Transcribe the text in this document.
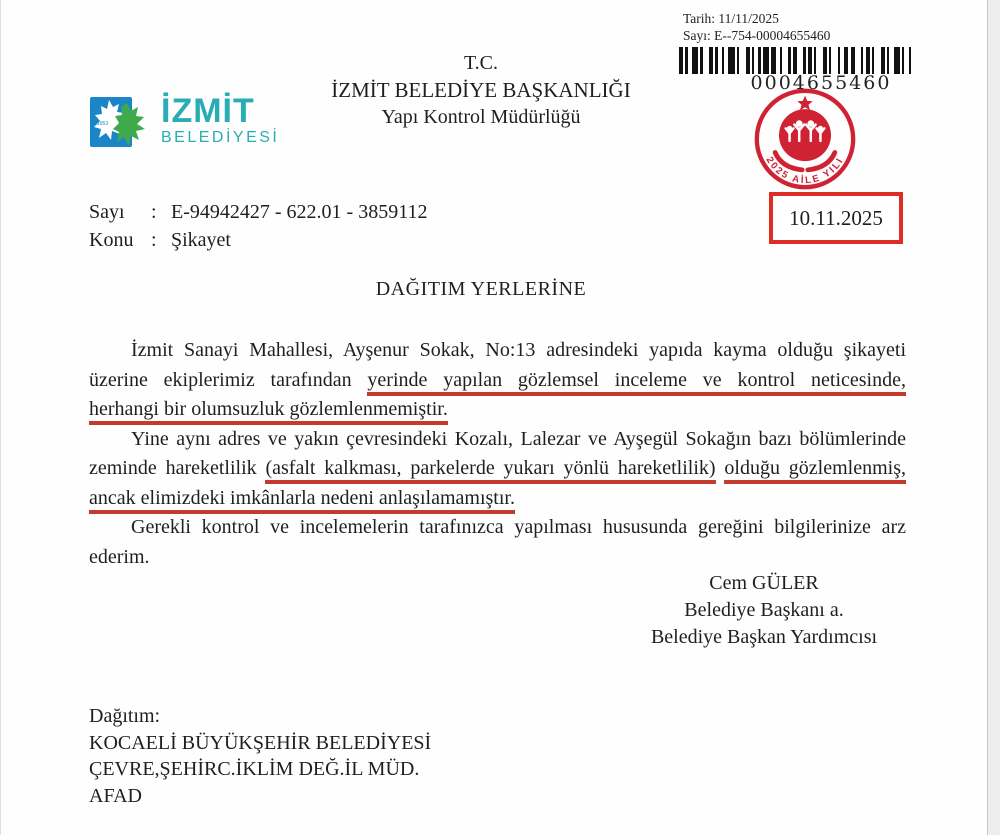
Tarih: 11/11/2025
Sayı: E--754-00004655460
0004655460
2025 AİLE YILI
1953 İZMİT
BELEDİYESİ
T.C.
İZMİT BELEDİYE BAŞKANLIĞI
Yapı Kontrol Müdürlüğü
Sayı	: E-94942427 - 622.01 - 3859112
Konu : Şikayet
10.11.2025
DAĞITIM YERLERİNE
İzmit Sanayi Mahallesi, Ayşenur Sokak, No:13 adresindeki yapıda kayma olduğu şikayeti
üzerine ekiplerimiz tarafından yerinde yapılan gözlemsel inceleme ve kontrol neticesinde,
herhangi bir olumsuzluk gözlemlenmemiştir.
Yine aynı adres ve yakın çevresindeki Kozalı, Lalezar ve Ayşegül Sokağın bazı bölümlerinde
zeminde hareketlilik (asfalt kalkması, parkelerde yukarı yönlü hareketlilik) olduğu gözlemlenmiş,
ancak elimizdeki imkânlarla nedeni anlaşılamamıştır.
Gerekli kontrol ve incelemelerin tarafınızca yapılması hususunda gereğini bilgilerinize arz
ederim.
Cem GÜLER
Belediye Başkanı a.
Belediye Başkan Yardımcısı
Dağıtım:
KOCAELİ BÜYÜKŞEHİR BELEDİYESİ
ÇEVRE,ŞEHİRC.İKLİM DEĞ.İL MÜD.
AFAD
